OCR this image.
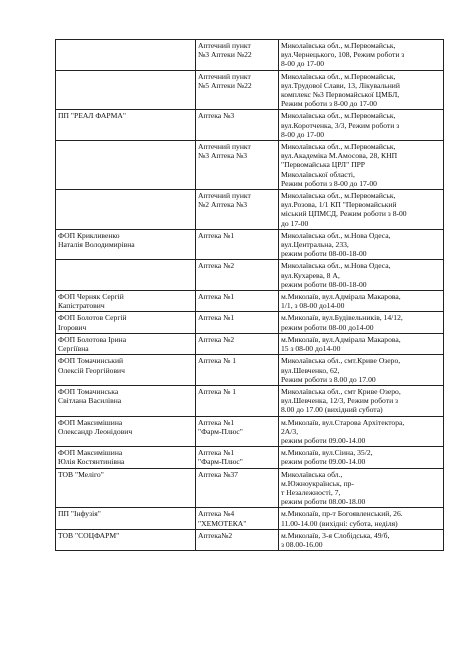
	Аптечний пункт
№3 Аптеки №22	Миколаївська обл., м.Первомайськ,
вул.Чернецького, 108, Режим роботи з
8-00 до 17-00

	Аптечний пункт
№5 Аптеки №22	Миколаївська обл., м.Первомайськ,
вул.Трудової Слави, 13, Лікувальний
комплекс №3 Первомайської ЦМБЛ,
Режим роботи з 8-00 до 17-00

ПП "РЕАЛ ФАРМА"	Аптека №3	Миколаївська обл., м.Первомайськ,
вул.Коротченка, 3/3, Режим роботи з
8-00 до 17-00

	Аптечний пункт
№3 Аптека №3	Миколаївська обл., м.Первомайськ,
вул.Академіка М.Амосова, 28, КНП
"Первомайська ЦРЛ" ПРР
Миколаївської області,
Режим роботи з 8-00 до 17-00

	Аптечний пункт
№2 Аптека №3	Миколаївська обл., м.Первомайськ,
вул.Розова, 1/1 КП "Первомайський
міський ЦПМСД, Режим роботи з 8-00
до 17-00

ФОП Крикливенко
Наталія Володимирівна	Аптека №1	Миколаївська обл., м.Нова Одеса,
вул.Центральна, 233,
режим роботи 08-00-18-00

	Аптека №2	Миколаївська обл., м.Нова Одеса,
вул.Кухарева, 8 А,
режим роботи 08-00-18-00

ФОП Черняк Сергій
Капістратович	Аптека №1	м.Миколаїв, вул.Адмірала Макарова,
1/1, з 08-00 до14-00

ФОП Болотов Сергій
Ігорович	Аптека №1	м.Миколаїв, вул.Будівельників, 14/12,
режим роботи 08-00 до14-00

ФОП Болотова Ірина
Сергіївна	Аптека №2	м.Миколаїв, вул.Адмірала Макарова,
15 з 08-00 до14-00

ФОП Томачинський
Олексій Георгійович	Аптека № 1	Миколаївська обл., смт.Криве Озеро,
вул.Шевченко, 62,
Режим роботи з 8.00 до 17.00

ФОП Томачинська
Світлана Василівна	Аптека № 1	Миколаївська обл., смт Криве Озеро,
вул.Шевченка, 12/3, Режим роботи з
8.00 до 17.00 (вихідний субота)

ФОП Максимішина
Олександр Леонідович	Аптека №1
"Фарм-Плюс"	м.Миколаїв, вул.Старова Архітектора,
2А/3,
режим роботи 09.00-14.00

ФОП Максимішина
Юлія Костянтинівна	Аптека №1
"Фарм-Плюс"	м.Миколаїв, вул.Сіина, 35/2,
режим роботи 09.00-14.00

ТОВ "Меліго"	Аптека №37	Миколаївська обл.,
м.Южноукраїнськ, пр-
т Незалежності, 7,
режим роботи 08.00-18.00

ПП "Інфузія"	Аптека №4
"ХЕМОТЕКА"	м.Миколаїв, пр-т Богоявленський, 26.
11.00-14.00 (вихідні: субота, неділя)

ТОВ "СОЦФАРМ"	Аптека№2	м.Миколаїв, 3-я Слобідська, 49/б,
з 08.00-16.00
